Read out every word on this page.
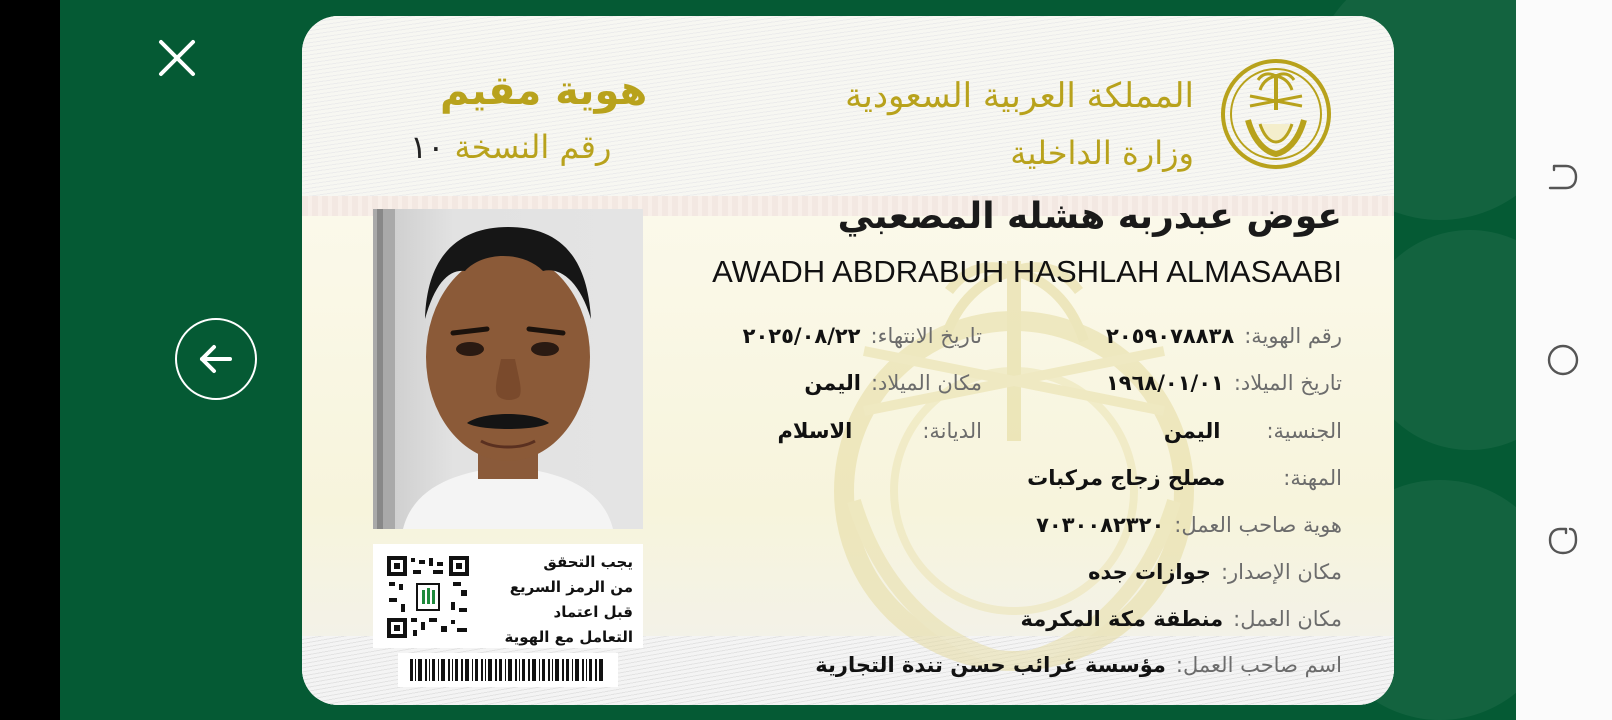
المملكة العربية السعودية
وزارة الداخلية
هوية مقيم
رقم النسخة ١٠
يجب التحقق
من الرمز السريع
قبل اعتماد
التعامل مع الهوية
عوض عبدربه هشله المصعبي
AWADH ABDRABUH HASHLAH ALMASAABI
رقم الهوية:٢٠٥٩٠٧٨٨٣٨
تاريخ الانتهاء:٢٠٢٥/٠٨/٢٢
تاريخ الميلاد:١٩٦٨/٠١/٠١
مكان الميلاد:اليمن
الجنسية:اليمن
الديانة:الاسلام
المهنة:مصلح زجاج مركبات
هوية صاحب العمل:٧٠٣٠٠٨٢٣٢٠
مكان الإصدار:جوازات جده
مكان العمل:منطقة مكة المكرمة
اسم صاحب العمل:مؤسسة غرائب حسن تندة التجارية
